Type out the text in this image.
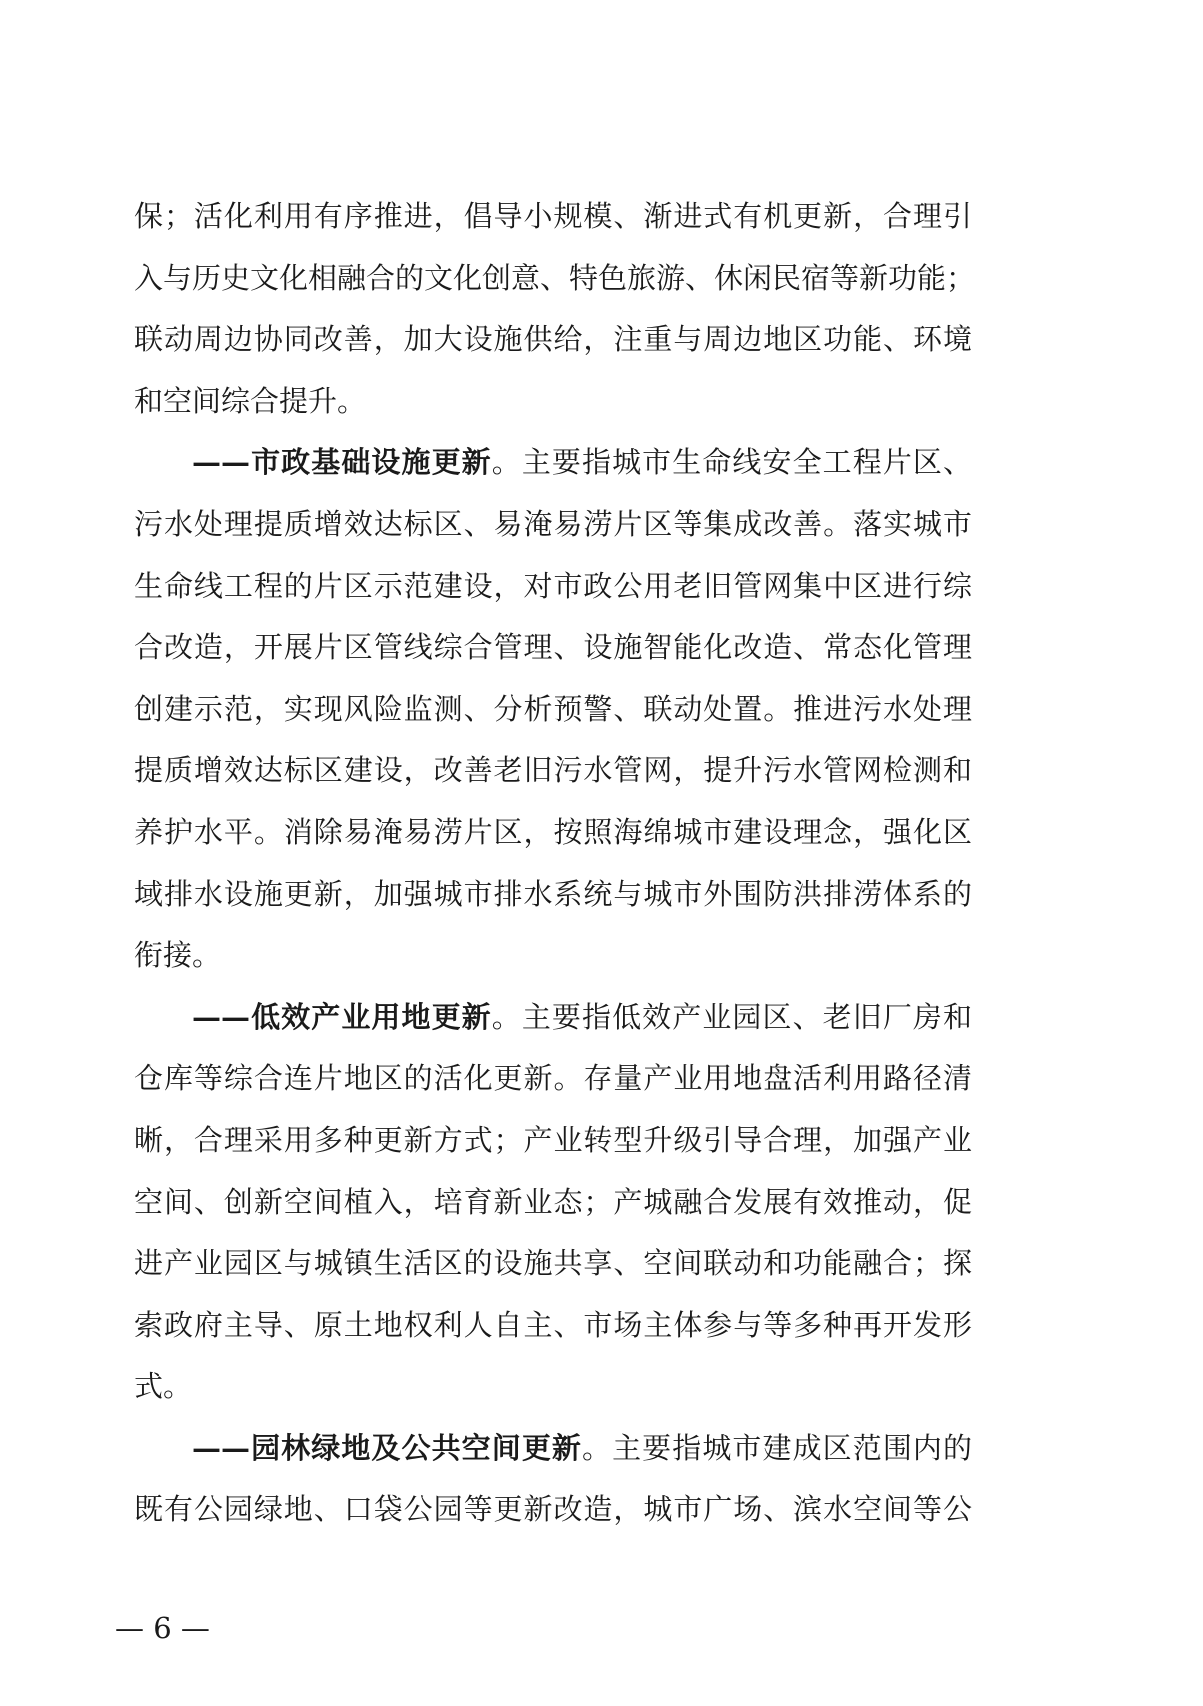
保；活化利用有序推进，倡导小规模、渐进式有机更新，合理引
入与历史文化相融合的文化创意、特色旅游、休闲民宿等新功能；
联动周边协同改善，加大设施供给，注重与周边地区功能、环境
和空间综合提升。
——市政基础设施更新。主要指城市生命线安全工程片区、
污水处理提质增效达标区、易淹易涝片区等集成改善。落实城市
生命线工程的片区示范建设，对市政公用老旧管网集中区进行综
合改造，开展片区管线综合管理、设施智能化改造、常态化管理
创建示范，实现风险监测、分析预警、联动处置。推进污水处理
提质增效达标区建设，改善老旧污水管网，提升污水管网检测和
养护水平。消除易淹易涝片区，按照海绵城市建设理念，强化区
域排水设施更新，加强城市排水系统与城市外围防洪排涝体系的
衔接。
——低效产业用地更新。主要指低效产业园区、老旧厂房和
仓库等综合连片地区的活化更新。存量产业用地盘活利用路径清
晰，合理采用多种更新方式；产业转型升级引导合理，加强产业
空间、创新空间植入，培育新业态；产城融合发展有效推动，促
进产业园区与城镇生活区的设施共享、空间联动和功能融合；探
索政府主导、原土地权利人自主、市场主体参与等多种再开发形
式。
——园林绿地及公共空间更新。主要指城市建成区范围内的
既有公园绿地、口袋公园等更新改造，城市广场、滨水空间等公
— 6 —
